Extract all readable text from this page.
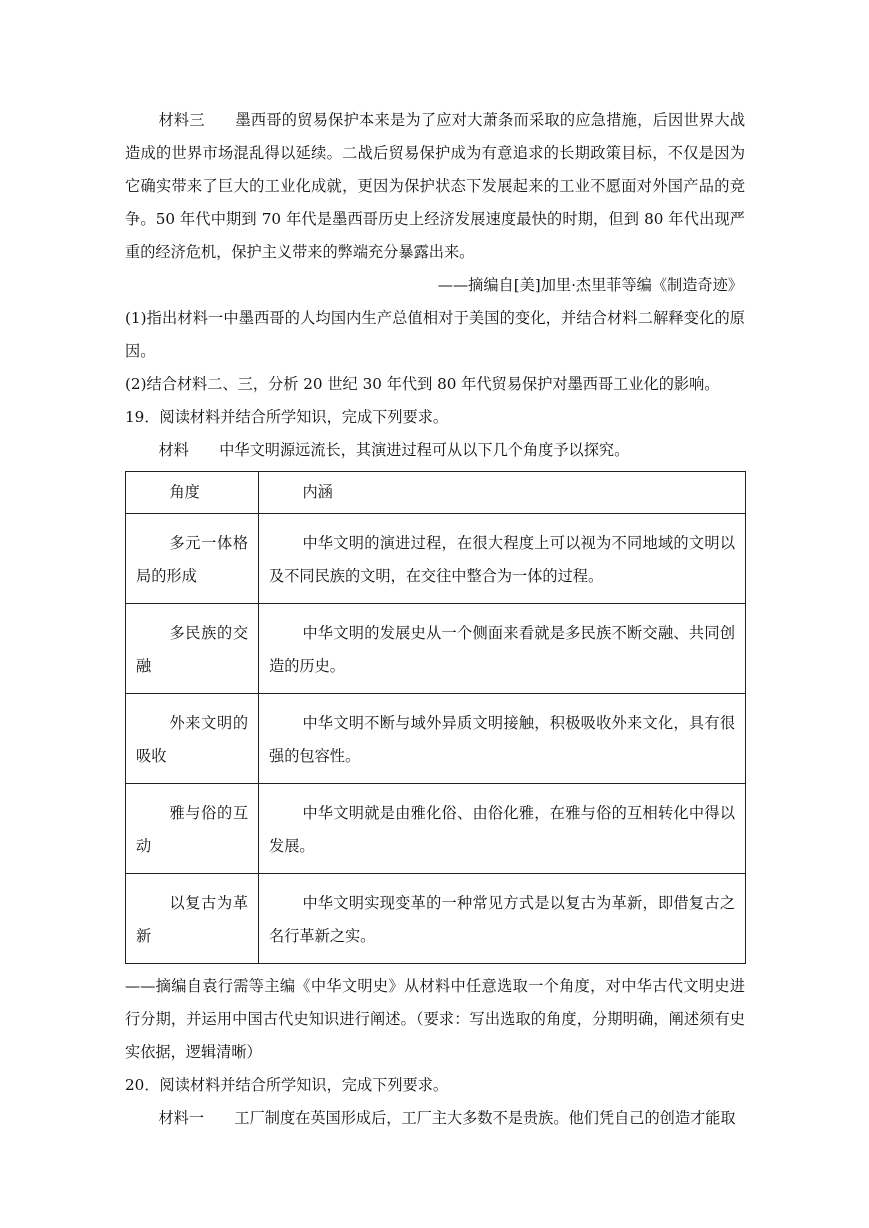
材料三 墨西哥的贸易保护本来是为了应对大萧条而采取的应急措施，后因世界大战造成的世界市场混乱得以延续。二战后贸易保护成为有意追求的长期政策目标，不仅是因为它确实带来了巨大的工业化成就，更因为保护状态下发展起来的工业不愿面对外国产品的竞争。50 年代中期到 70 年代是墨西哥历史上经济发展速度最快的时期，但到 80 年代出现严重的经济危机，保护主义带来的弊端充分暴露出来。

——摘编自[美]加里·杰里菲等编《制造奇迹》

(1)指出材料一中墨西哥的人均国内生产总值相对于美国的变化，并结合材料二解释变化的原因。

(2)结合材料二、三，分析 20 世纪 30 年代到 80 年代贸易保护对墨西哥工业化的影响。

19．阅读材料并结合所学知识，完成下列要求。

材料 中华文明源远流长，其演进过程可从以下几个角度予以探究。

角度	内涵

多元一体格局的形成	中华文明的演进过程，在很大程度上可以视为不同地域的文明以及不同民族的文明，在交往中整合为一体的过程。

多民族的交融	中华文明的发展史从一个侧面来看就是多民族不断交融、共同创造的历史。

外来文明的吸收	中华文明不断与域外异质文明接触，积极吸收外来文化，具有很强的包容性。

雅与俗的互动	中华文明就是由雅化俗、由俗化雅，在雅与俗的互相转化中得以发展。

以复古为革新	中华文明实现变革的一种常见方式是以复古为革新，即借复古之名行革新之实。

——摘编自袁行需等主编《中华文明史》从材料中任意选取一个角度，对中华古代文明史进行分期，并运用中国古代史知识进行阐述。（要求：写出选取的角度，分期明确，阐述须有史实依据，逻辑清晰）

20．阅读材料并结合所学知识，完成下列要求。

材料一 工厂制度在英国形成后，工厂主大多数不是贵族。他们凭自己的创造才能取
